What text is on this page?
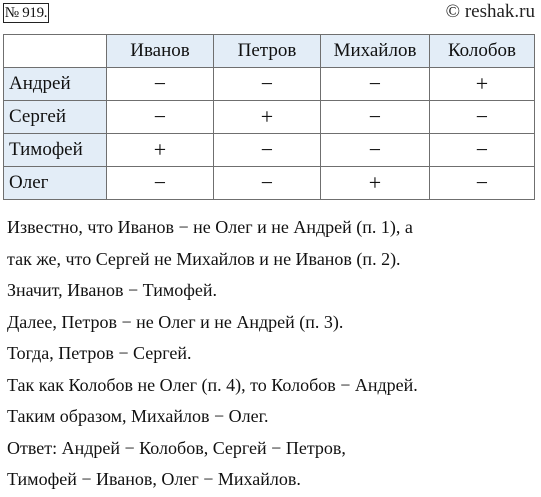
№ 919.	© reshak.ru
	Иванов	Петров	Михайлов	Колобов
Андрей	−	−	−	+
Сергей	−	+	−	−
Тимофей	+	−	−	−
Олег	−	−	+	−

Известно, что Иванов − не Олег и не Андрей (п. 1), а

так же, что Сергей не Михайлов и не Иванов (п. 2).

Значит, Иванов − Тимофей.

Далее, Петров − не Олег и не Андрей (п. 3).

Тогда, Петров − Сергей.

Так как Колобов не Олег (п. 4), то Колобов − Андрей.

Таким образом, Михайлов − Олег.

Ответ: Андрей − Колобов, Сергей − Петров,

Тимофей − Иванов, Олег − Михайлов.
